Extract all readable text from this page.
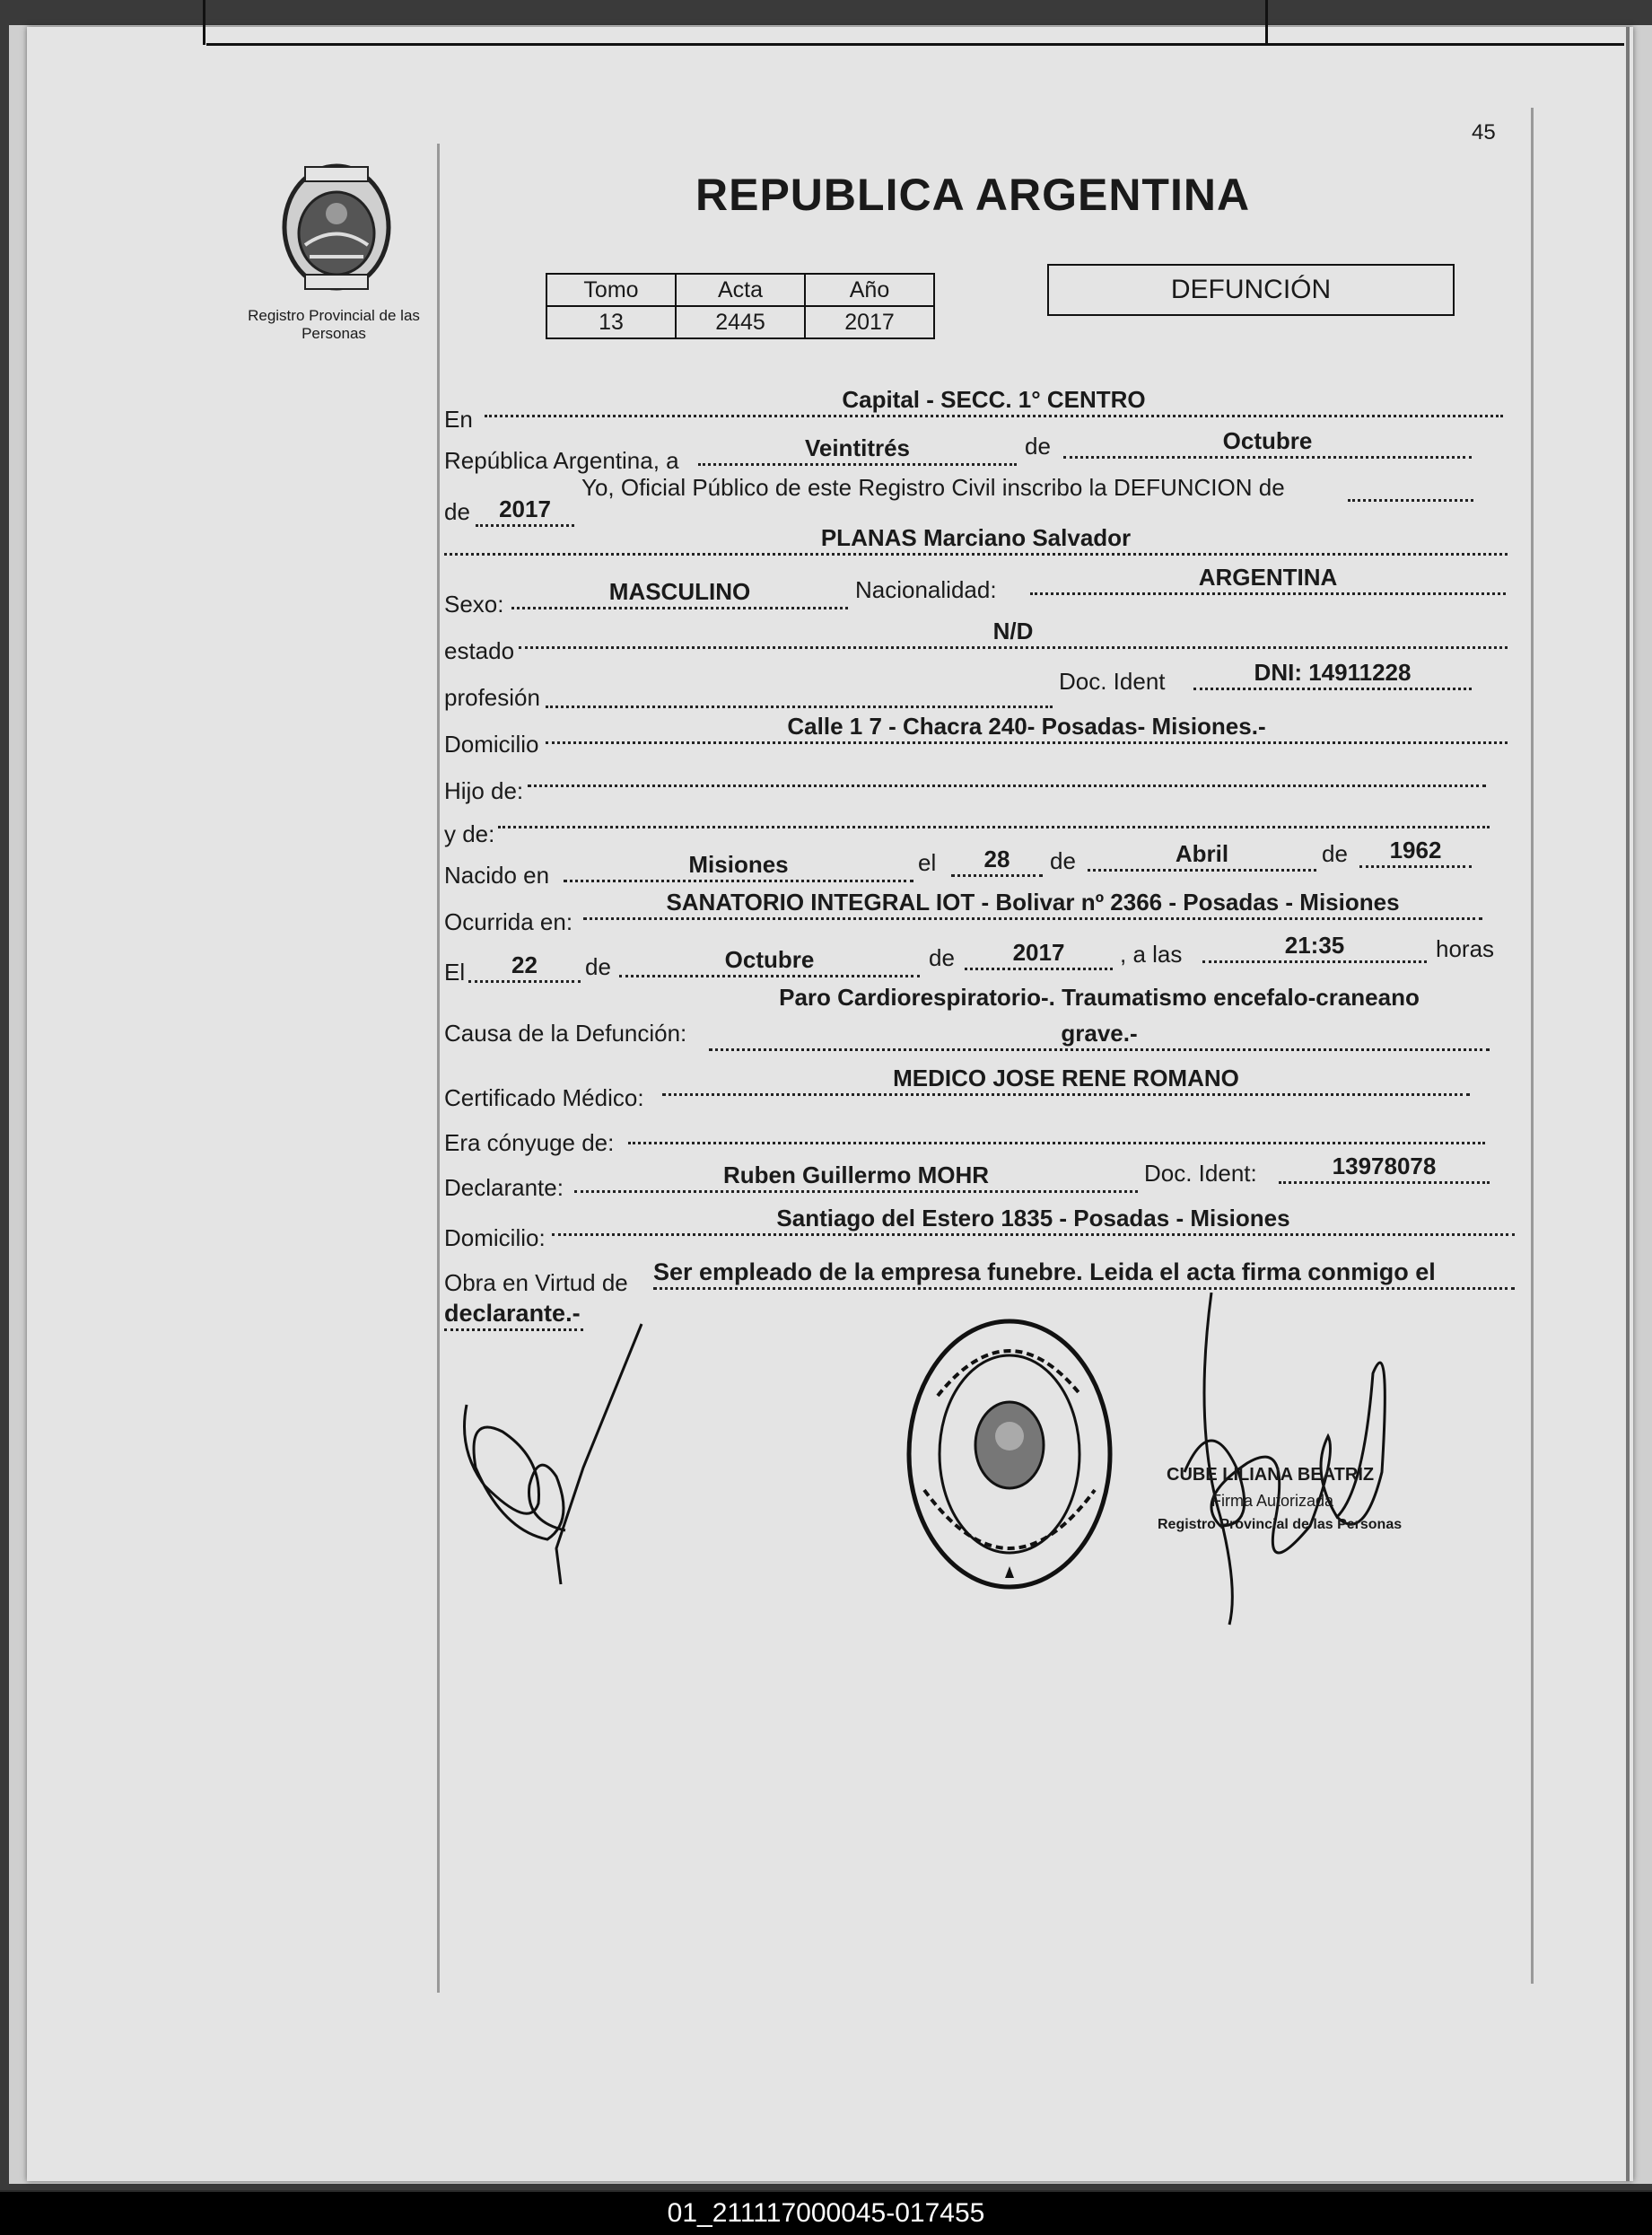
45
Registro Provincial de las Personas
REPUBLICA ARGENTINA
Tomo	Acta	Año
13	2445	2017
DEFUNCIÓN
En
Capital - SECC. 1° CENTRO
República Argentina, a	Veintitrés	de	Octubre
de	2017
Yo, Oficial Público de este Registro Civil inscribo la DEFUNCION de
PLANAS Marciano Salvador
Sexo:	MASCULINO	Nacionalidad:	ARGENTINA
estado
N/D
profesión
Doc. Ident	DNI: 14911228
Domicilio
Calle 1 7 - Chacra 240- Posadas- Misiones.-
Hijo de:
y de:
Nacido en	Misiones	el	28	de	Abril	de	1962
Ocurrida en:
SANATORIO INTEGRAL IOT - Bolivar nº 2366 - Posadas - Misiones
El	22	de	Octubre	de	2017	, a las	21:35	horas
Causa de la Defunción:
Paro Cardiorespiratorio-. Traumatismo encefalo-craneano
grave.-
Certificado Médico:
MEDICO JOSE RENE ROMANO
Era cónyuge de:
Declarante:	Ruben Guillermo MOHR	Doc. Ident:	13978078
Domicilio:
Santiago del Estero 1835 - Posadas - Misiones
Obra en Virtud de Ser empleado de la empresa funebre. Leida el acta firma conmigo el
declarante.-
CUBE LILIANA BEATRIZ
Firma Autorizada
Registro Provincial de las Personas
01_211117000045-017455
